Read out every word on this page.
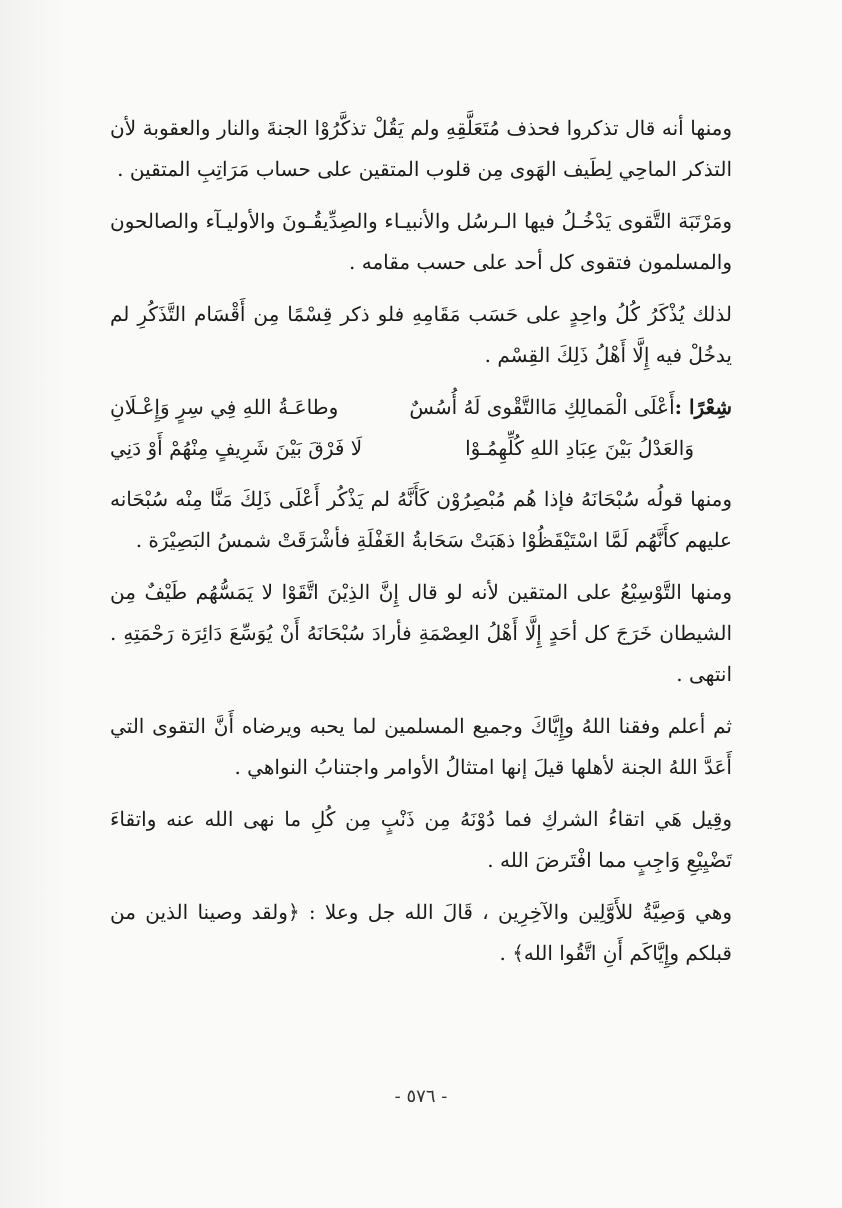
ومنها أنه قال تذكروا فحذف مُتَعَلَّقِهِ ولم يَقُلْ تذكَّرُوْا الجنةَ والنار والعقوبة لأن التذكر الماحِي لِطَيف الهَوى مِن قلوب المتقين على حساب مَرَاتِبِ المتقين .

ومَرْتَبَة التَّقوى يَدْخُـلُ فيها الـرسُل والأنبيـاء والصِدِّيقُـونَ والأوليـآء والصالحون والمسلمون فتقوى كل أحد على حسب مقامه .

لذلك يُذْكَرُ كُلُ واحِدٍ على حَسَب مَقَامِهِ فلو ذكر قِسْمًا مِن أَقْسَام التَّذَكُرِ لم يدخُلْ فيه إِلَّا أَهْلُ ذَلِكَ القِسْم .

شِعْرًا :أَعْلَى الْمَمالِكِ مَاالتَّقْوى لَهُ أُسُسٌ
وطاعَـةُ اللهِ فِي سِرٍ وَإِعْـلَانِ
وَالعَدْلُ بَيْنَ عِبَادِ اللهِ كُلِّهِمُـوْا
لَا فَرْقَ بَيْنَ شَرِيفٍ مِنْهُمْ أَوْ دَنِي

ومنها قولُه سُبْحَانَهُ فإذا هُم مُبْصِرُوْن كَأَنَّهُ لم يَذْكُر أَعْلَى ذَلِكَ مَنَّا مِنْه سُبْحَانه عليهم كأَنَّهُم لَمَّا اسْتَيْقَظُوْا ذهَبَتْ سَحَابةُ الغَفْلَةِ فأشْرَقَتْ شمسُ البَصِيْرَة .

ومنها التَّوْسِيْعُ على المتقين لأنه لو قال إِنَّ الذِيْنَ اتَّقَوْا لا يَمَسُّهُم طَيْفٌ مِن الشيطان خَرَجَ كل أحَدٍ إِلَّا أَهْلُ العِصْمَةِ فأرادَ سُبْحَانَهُ أَنْ يُوَسِّعَ دَائِرَة رَحْمَتِهِ . انتهى .

ثم أعلم وفقنا اللهُ وإِيَّاكَ وجميع المسلمين لما يحبه ويرضاه أَنَّ التقوى التي أَعَدَّ اللهُ الجنة لأهلها قيلَ إنها امتثالُ الأوامر واجتنابُ النواهي .

وقِيل هَي اتقاءُ الشركِ فما دُوْنَهُ مِن ذَنْبٍ مِن كُلِ ما نهى الله عنه واتقاءَ تَضْيِيْعِ وَاجِبٍ مما افْتَرضَ الله .

وهي وَصِيَّةُ للأَوَّلِين والآخِرِين ، قَالَ الله جل وعلا : ﴿ولقد وصينا الذين من قبلكم وإِيَّاكَم أَنِ اتَّقُوا الله﴾ .

- ٥٧٦ -
